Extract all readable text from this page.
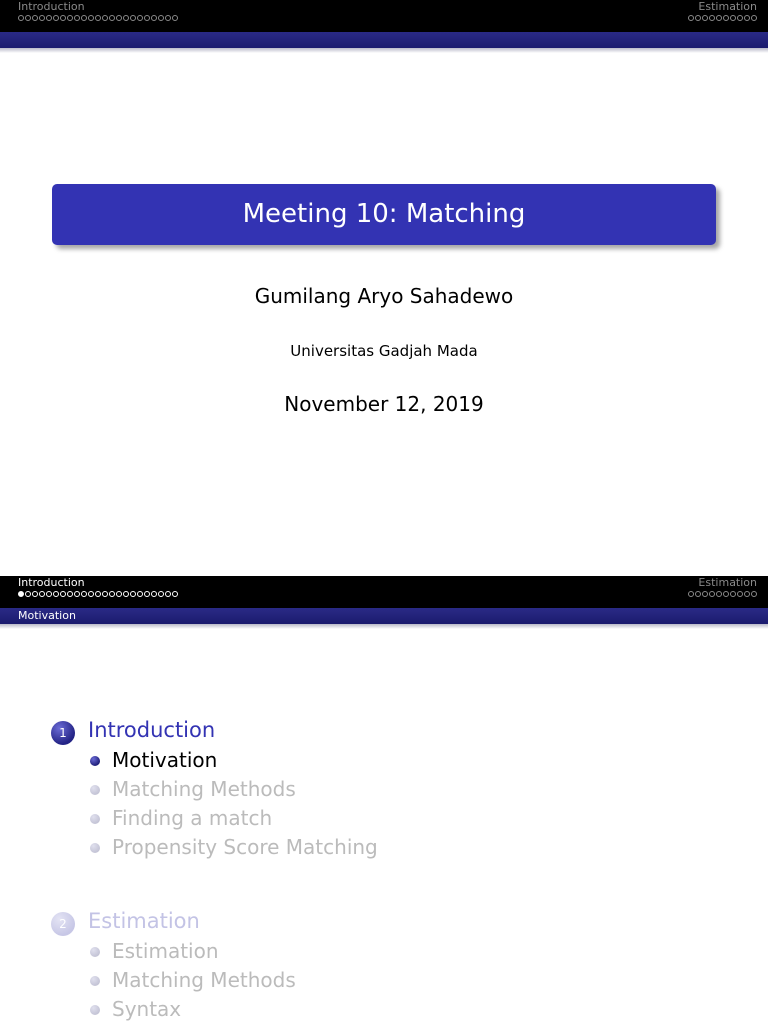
Introduction	Estimation
Meeting 10: Matching
Gumilang Aryo Sahadewo
Universitas Gadjah Mada
November 12, 2019
Introduction	Estimation
Motivation
1	Introduction
Motivation
Matching Methods
Finding a match
Propensity Score Matching
2	Estimation
Estimation
Matching Methods
Syntax
